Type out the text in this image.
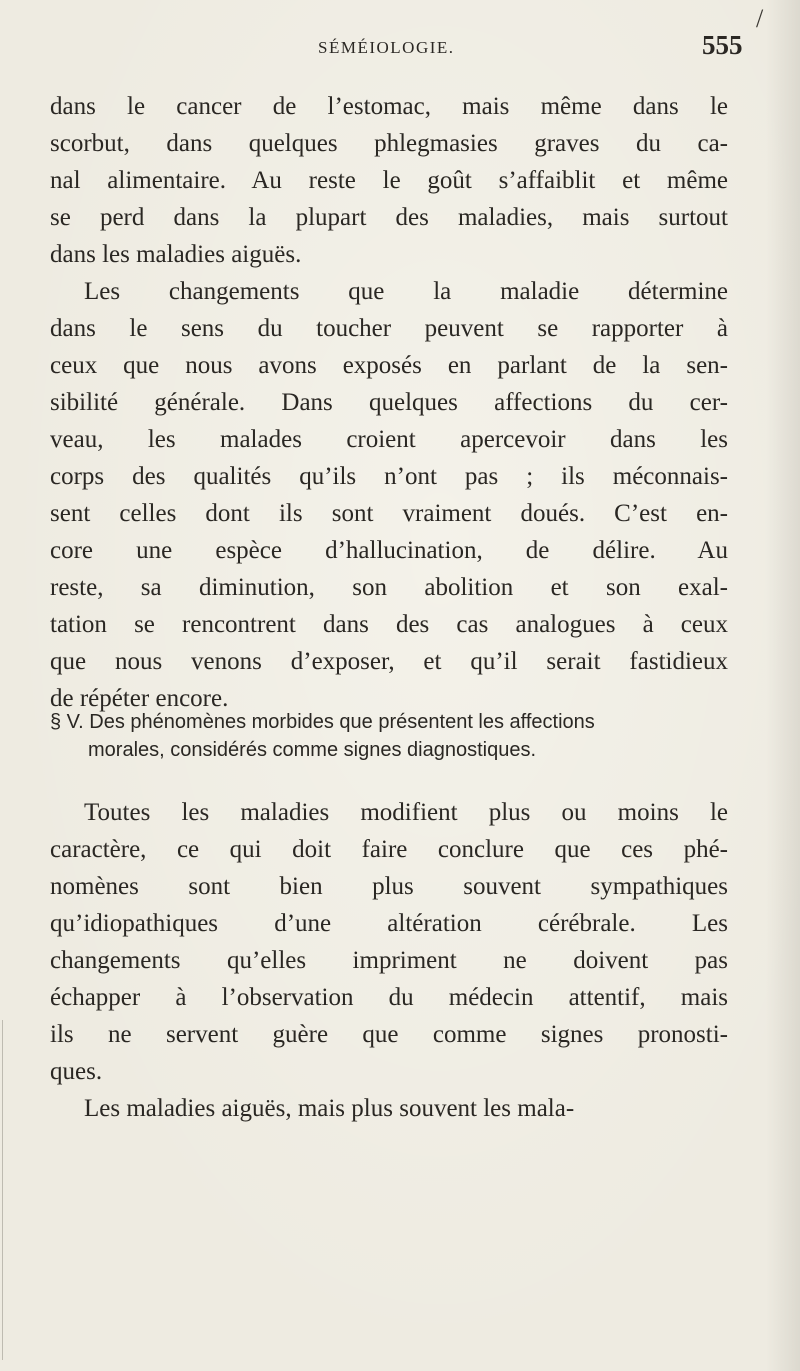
/
SÉMÉIOLOGIE.	555
dans le cancer de l’estomac, mais même dans le
scorbut, dans quelques phlegmasies graves du ca-
nal alimentaire. Au reste le goût s’affaiblit et même
se perd dans la plupart des maladies, mais surtout
dans les maladies aiguës.
Les changements que la maladie détermine
dans le sens du toucher peuvent se rapporter à
ceux que nous avons exposés en parlant de la sen-
sibilité générale. Dans quelques affections du cer-
veau, les malades croient apercevoir dans les
corps des qualités qu’ils n’ont pas ; ils méconnais-
sent celles dont ils sont vraiment doués. C’est en-
core une espèce d’hallucination, de délire. Au
reste, sa diminution, son abolition et son exal-
tation se rencontrent dans des cas analogues à ceux
que nous venons d’exposer, et qu’il serait fastidieux
de répéter encore.
§ V. Des phénomènes morbides que présentent les affections
morales, considérés comme signes diagnostiques.
Toutes les maladies modifient plus ou moins le
caractère, ce qui doit faire conclure que ces phé-
nomènes sont bien plus souvent sympathiques
qu’idiopathiques d’une altération cérébrale. Les
changements qu’elles impriment ne doivent pas
échapper à l’observation du médecin attentif, mais
ils ne servent guère que comme signes pronosti-
ques.
Les maladies aiguës, mais plus souvent les mala-
